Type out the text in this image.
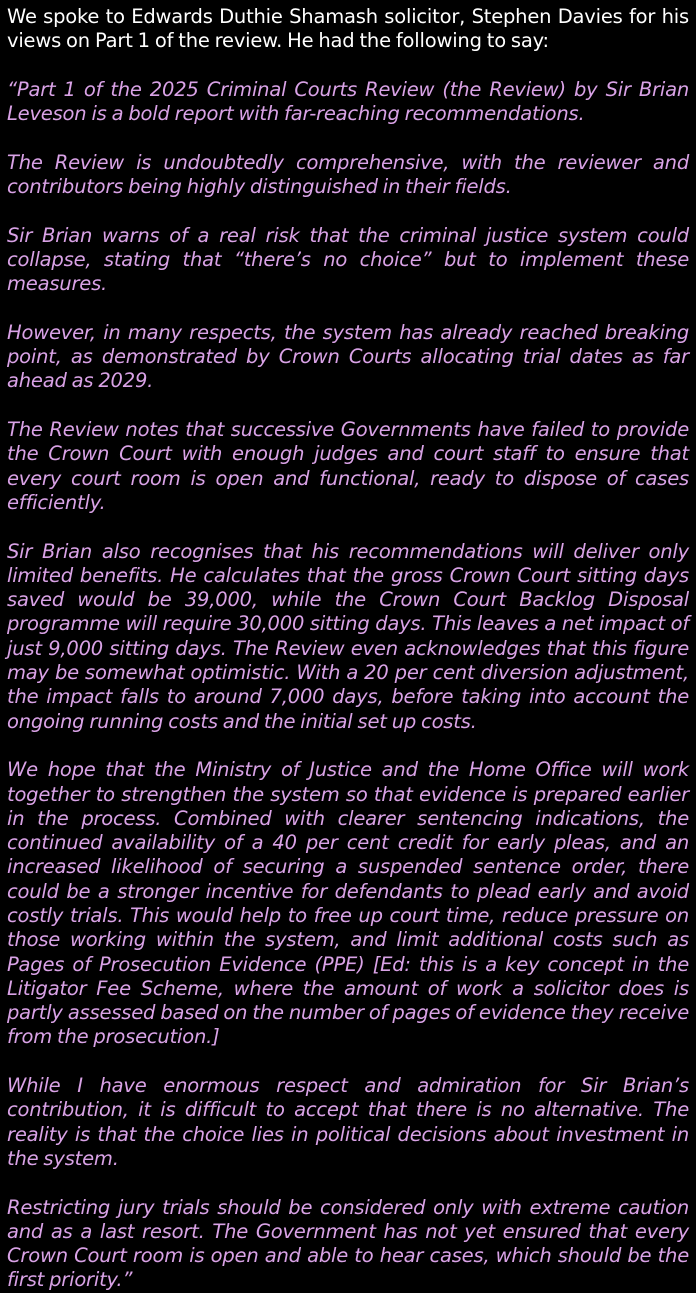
We spoke to Edwards Duthie Shamash solicitor, Stephen Davies for his views on Part 1 of the review. He had the following to say:

“Part 1 of the 2025 Criminal Courts Review (the Review) by Sir Brian Leveson is a bold report with far-reaching recommendations.

The Review is undoubtedly comprehensive, with the reviewer and contributors being highly distinguished in their fields.

Sir Brian warns of a real risk that the criminal justice system could collapse, stating that “there’s no choice” but to implement these measures.

However, in many respects, the system has already reached breaking point, as demonstrated by Crown Courts allocating trial dates as far ahead as 2029.

The Review notes that successive Governments have failed to provide the Crown Court with enough judges and court staff to ensure that every court room is open and functional, ready to dispose of cases efficiently.

Sir Brian also recognises that his recommendations will deliver only limited benefits. He calculates that the gross Crown Court sitting days saved would be 39,000, while the Crown Court Backlog Disposal programme will require 30,000 sitting days. This leaves a net impact of just 9,000 sitting days. The Review even acknowledges that this figure may be somewhat optimistic. With a 20 per cent diversion adjustment, the impact falls to around 7,000 days, before taking into account the ongoing running costs and the initial set up costs.

We hope that the Ministry of Justice and the Home Office will work together to strengthen the system so that evidence is prepared earlier in the process. Combined with clearer sentencing indications, the continued availability of a 40 per cent credit for early pleas, and an increased likelihood of securing a suspended sentence order, there could be a stronger incentive for defendants to plead early and avoid costly trials. This would help to free up court time, reduce pressure on those working within the system, and limit additional costs such as Pages of Prosecution Evidence (PPE) [Ed: this is a key concept in the Litigator Fee Scheme, where the amount of work a solicitor does is partly assessed based on the number of pages of evidence they receive from the prosecution.]

While I have enormous respect and admiration for Sir Brian’s contribution, it is difficult to accept that there is no alternative. The reality is that the choice lies in political decisions about investment in the system.

Restricting jury trials should be considered only with extreme caution and as a last resort. The Government has not yet ensured that every Crown Court room is open and able to hear cases, which should be the first priority.”
